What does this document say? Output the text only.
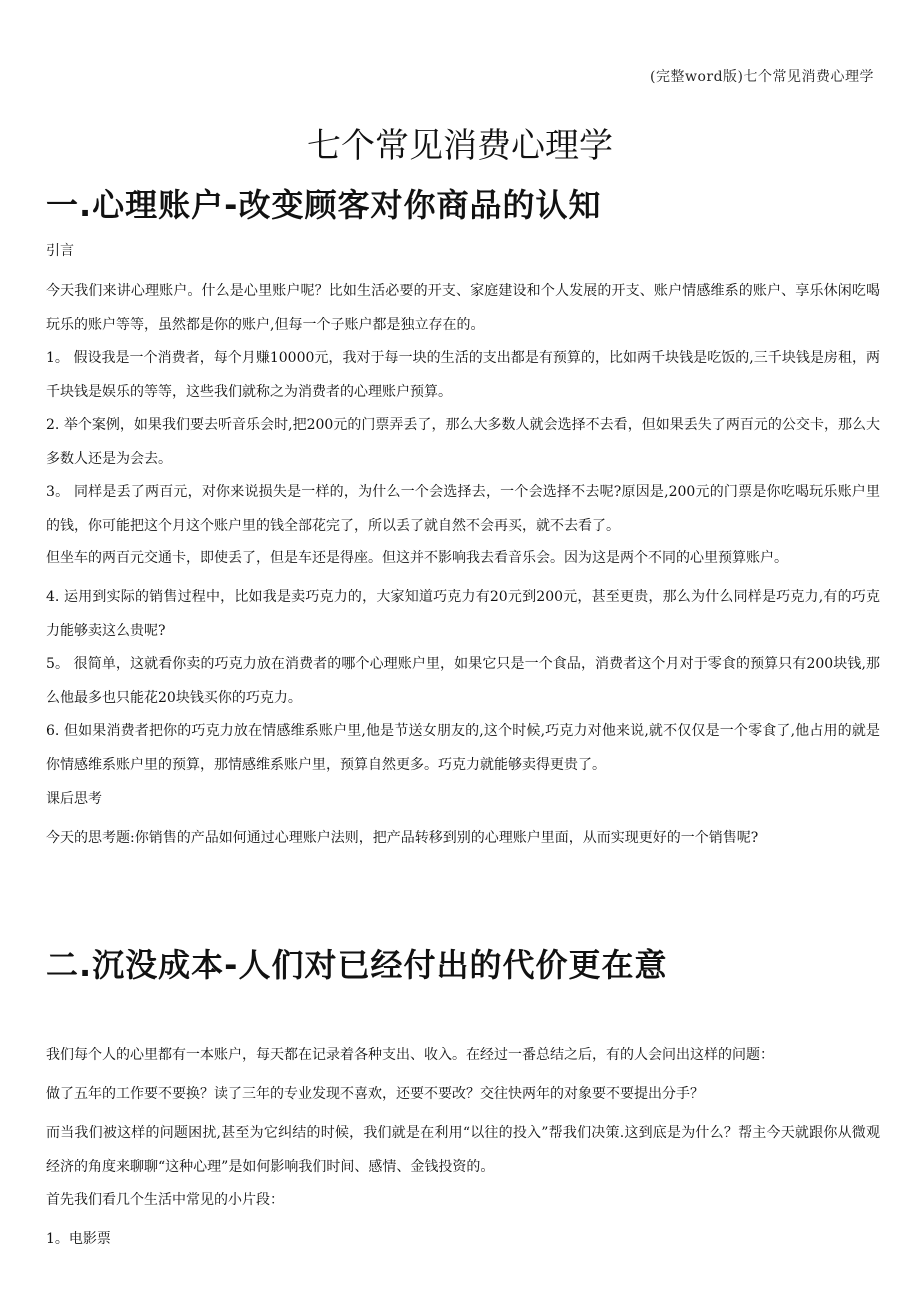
(完整word版)七个常见消费心理学
七个常见消费心理学
一.心理账户-改变顾客对你商品的认知

引言

今天我们来讲心理账户。什么是心里账户呢？比如生活必要的开支、家庭建设和个人发展的开支、账户情感维系的账户、享乐休闲吃喝玩乐的账户等等，虽然都是你的账户,但每一个子账户都是独立存在的。

1。 假设我是一个消费者，每个月赚10000元，我对于每一块的生活的支出都是有预算的，比如两千块钱是吃饭的,三千块钱是房租，两千块钱是娱乐的等等，这些我们就称之为消费者的心理账户预算。

2. 举个案例，如果我们要去听音乐会时,把200元的门票弄丢了，那么大多数人就会选择不去看，但如果丢失了两百元的公交卡，那么大多数人还是为会去。

3。 同样是丢了两百元，对你来说损失是一样的，为什么一个会选择去，一个会选择不去呢?原因是,200元的门票是你吃喝玩乐账户里的钱，你可能把这个月这个账户里的钱全部花完了，所以丢了就自然不会再买，就不去看了。

但坐车的两百元交通卡，即使丢了，但是车还是得座。但这并不影响我去看音乐会。因为这是两个不同的心里预算账户。

4. 运用到实际的销售过程中，比如我是卖巧克力的，大家知道巧克力有20元到200元，甚至更贵，那么为什么同样是巧克力,有的巧克力能够卖这么贵呢?

5。 很简单，这就看你卖的巧克力放在消费者的哪个心理账户里，如果它只是一个食品，消费者这个月对于零食的预算只有200块钱,那么他最多也只能花20块钱买你的巧克力。

6. 但如果消费者把你的巧克力放在情感维系账户里,他是节送女朋友的,这个时候,巧克力对他来说,就不仅仅是一个零食了,他占用的就是你情感维系账户里的预算，那情感维系账户里，预算自然更多。巧克力就能够卖得更贵了。

课后思考

今天的思考题:你销售的产品如何通过心理账户法则，把产品转移到别的心理账户里面，从而实现更好的一个销售呢?

二.沉没成本-人们对已经付出的代价更在意

我们每个人的心里都有一本账户，每天都在记录着各种支出、收入。在经过一番总结之后，有的人会问出这样的问题：

做了五年的工作要不要换？读了三年的专业发现不喜欢，还要不要改？交往快两年的对象要不要提出分手？

而当我们被这样的问题困扰,甚至为它纠结的时候，我们就是在利用“以往的投入”帮我们决策.这到底是为什么？帮主今天就跟你从微观经济的角度来聊聊“这种心理”是如何影响我们时间、感情、金钱投资的。

首先我们看几个生活中常见的小片段：

1。电影票
